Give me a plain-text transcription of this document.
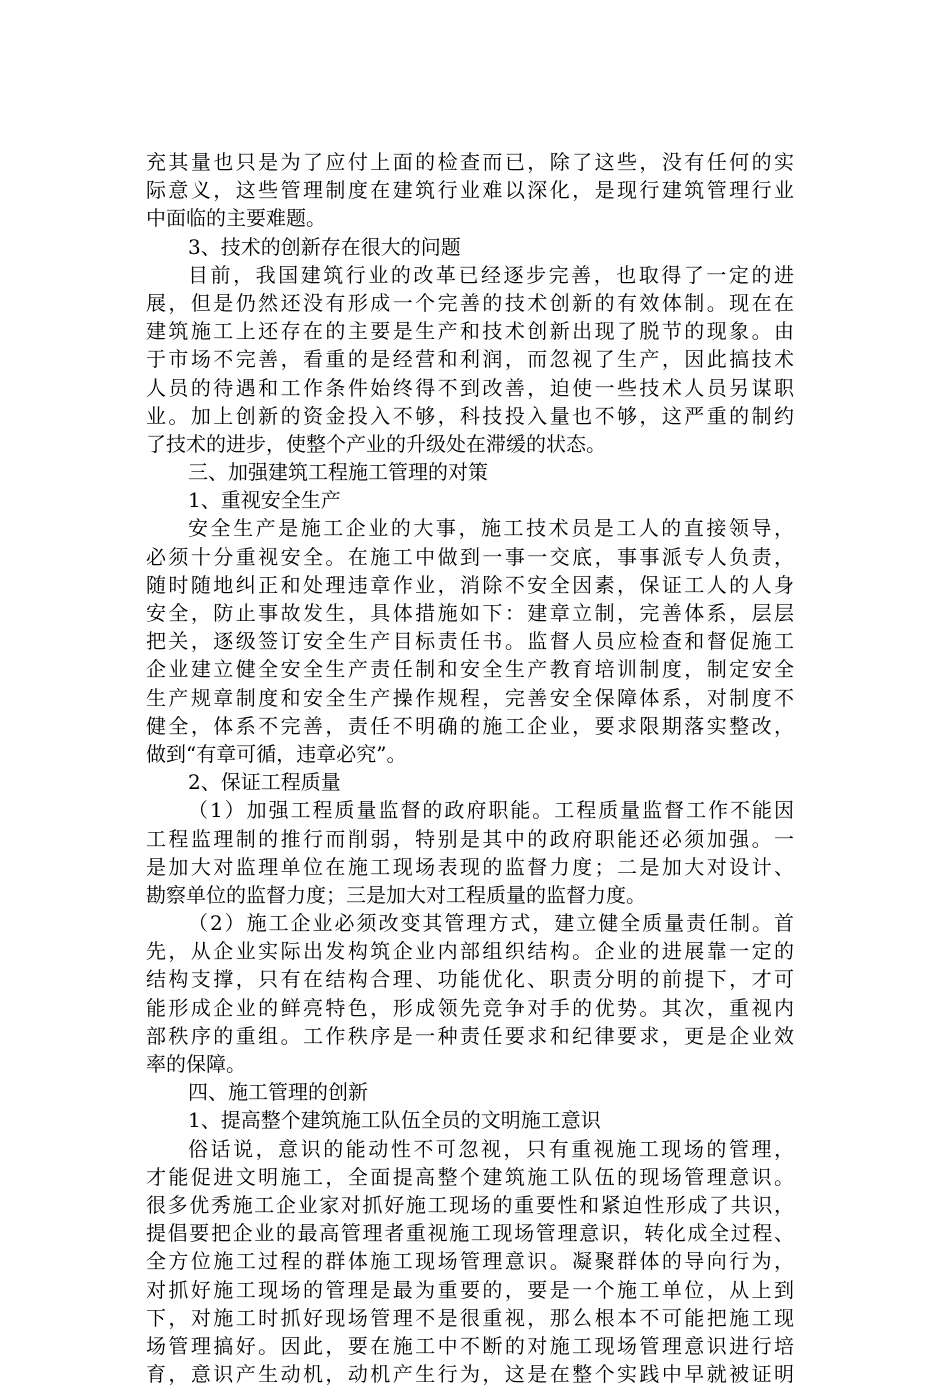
充其量也只是为了应付上面的检查而已，除了这些，没有任何的实
际意义，这些管理制度在建筑行业难以深化，是现行建筑管理行业
中面临的主要难题。
3、技术的创新存在很大的问题
目前，我国建筑行业的改革已经逐步完善，也取得了一定的进
展，但是仍然还没有形成一个完善的技术创新的有效体制。现在在
建筑施工上还存在的主要是生产和技术创新出现了脱节的现象。由
于市场不完善，看重的是经营和利润，而忽视了生产，因此搞技术
人员的待遇和工作条件始终得不到改善，迫使一些技术人员另谋职
业。加上创新的资金投入不够，科技投入量也不够，这严重的制约
了技术的进步，使整个产业的升级处在滞缓的状态。
三、加强建筑工程施工管理的对策
1、重视安全生产
安全生产是施工企业的大事，施工技术员是工人的直接领导，
必须十分重视安全。在施工中做到一事一交底，事事派专人负责，
随时随地纠正和处理违章作业，消除不安全因素，保证工人的人身
安全，防止事故发生，具体措施如下：建章立制，完善体系，层层
把关，逐级签订安全生产目标责任书。监督人员应检查和督促施工
企业建立健全安全生产责任制和安全生产教育培训制度，制定安全
生产规章制度和安全生产操作规程，完善安全保障体系，对制度不
健全，体系不完善，责任不明确的施工企业，要求限期落实整改，
做到“有章可循，违章必究”。
2、保证工程质量
（1）加强工程质量监督的政府职能。工程质量监督工作不能因
工程监理制的推行而削弱，特别是其中的政府职能还必须加强。一
是加大对监理单位在施工现场表现的监督力度；二是加大对设计、
勘察单位的监督力度；三是加大对工程质量的监督力度。
（2）施工企业必须改变其管理方式，建立健全质量责任制。首
先，从企业实际出发构筑企业内部组织结构。企业的进展靠一定的
结构支撑，只有在结构合理、功能优化、职责分明的前提下，才可
能形成企业的鲜亮特色，形成领先竞争对手的优势。其次，重视内
部秩序的重组。工作秩序是一种责任要求和纪律要求，更是企业效
率的保障。
四、施工管理的创新
1、提高整个建筑施工队伍全员的文明施工意识
俗话说，意识的能动性不可忽视，只有重视施工现场的管理，
才能促进文明施工，全面提高整个建筑施工队伍的现场管理意识。
很多优秀施工企业家对抓好施工现场的重要性和紧迫性形成了共识，
提倡要把企业的最高管理者重视施工现场管理意识，转化成全过程、
全方位施工过程的群体施工现场管理意识。凝聚群体的导向行为，
对抓好施工现场的管理是最为重要的，要是一个施工单位，从上到
下，对施工时抓好现场管理不是很重视，那么根本不可能把施工现
场管理搞好。因此，要在施工中不断的对施工现场管理意识进行培
育，意识产生动机，动机产生行为，这是在整个实践中早就被证明
